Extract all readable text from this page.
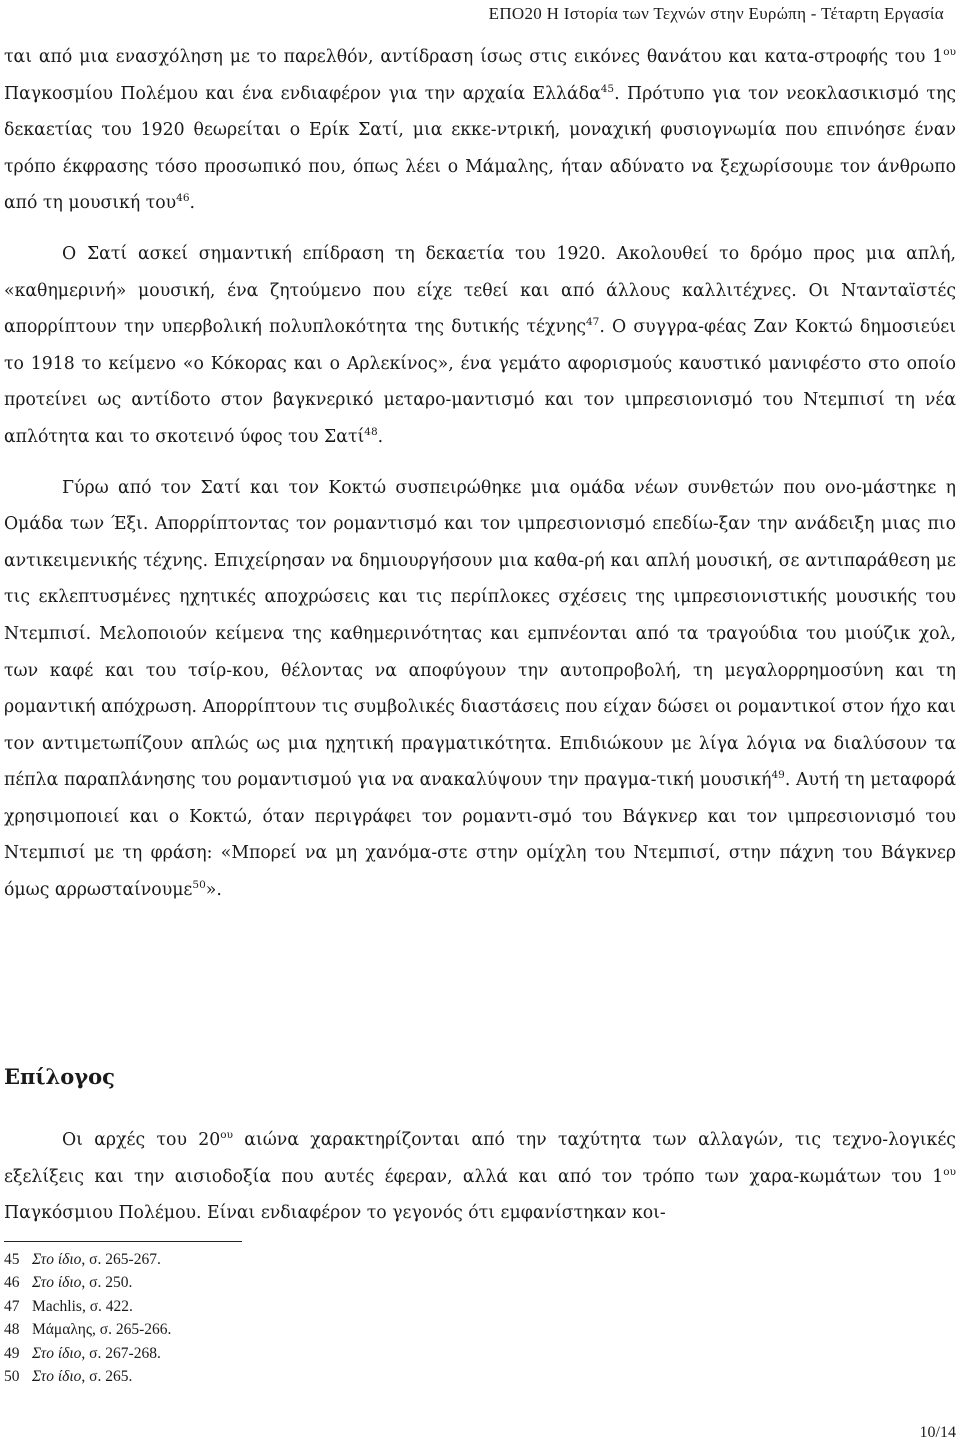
ΕΠΟ20 Η Ιστορία των Τεχνών στην Ευρώπη - Τέταρτη Εργασία

ται από μια ενασχόληση με το παρελθόν, αντίδραση ίσως στις εικόνες θανάτου και κατα-στροφής του $1^{o\upsilon}$ Παγκοσμίου Πολέμου και ένα ενδιαφέρον για την αρχαία Ελλάδα$^{45}$. Πρότυπο για τον νεοκλασικισμό της δεκαετίας του 1920 θεωρείται ο Ερίκ Σατί, μια εκκε-ντρική, μοναχική φυσιογνωμία που επινόησε έναν τρόπο έκφρασης τόσο προσωπικό που, όπως λέει ο Μάμαλης, ήταν αδύνατο να ξεχωρίσουμε τον άνθρωπο από τη μουσική του$^{46}$.

Ο Σατί ασκεί σημαντική επίδραση τη δεκαετία του 1920. Ακολουθεί το δρόμο προς μια απλή, «καθημερινή» μουσική, ένα ζητούμενο που είχε τεθεί και από άλλους καλλιτέχνες. Οι Ντανταϊστές απορρίπτουν την υπερβολική πολυπλοκότητα της δυτικής τέχνης$^{47}$. Ο συγγρα-φέας Ζαν Κοκτώ δημοσιεύει το 1918 το κείμενο «ο Κόκορας και ο Αρλεκίνος», ένα γεμάτο αφορισμούς καυστικό μανιφέστο στο οποίο προτείνει ως αντίδοτο στον βαγκνερικό μεταρο-μαντισμό και τον ιμπρεσιονισμό του Ντεμπισί τη νέα απλότητα και το σκοτεινό ύφος του Σατί$^{48}$.

Γύρω από τον Σατί και τον Κοκτώ συσπειρώθηκε μια ομάδα νέων συνθετών που ονο-μάστηκε η Ομάδα των Έξι. Απορρίπτοντας τον ρομαντισμό και τον ιμπρεσιονισμό επεδίω-ξαν την ανάδειξη μιας πιο αντικειμενικής τέχνης. Επιχείρησαν να δημιουργήσουν μια καθα-ρή και απλή μουσική, σε αντιπαράθεση με τις εκλεπτυσμένες ηχητικές αποχρώσεις και τις περίπλοκες σχέσεις της ιμπρεσιονιστικής μουσικής του Ντεμπισί. Μελοποιούν κείμενα της καθημερινότητας και εμπνέονται από τα τραγούδια του μιούζικ χολ, των καφέ και του τσίρ-κου, θέλοντας να αποφύγουν την αυτοπροβολή, τη μεγαλορρημοσύνη και τη ρομαντική απόχρωση. Απορρίπτουν τις συμβολικές διαστάσεις που είχαν δώσει οι ρομαντικοί στον ήχο και τον αντιμετωπίζουν απλώς ως μια ηχητική πραγματικότητα. Επιδιώκουν με λίγα λόγια να διαλύσουν τα πέπλα παραπλάνησης του ρομαντισμού για να ανακαλύψουν την πραγμα-τική μουσική$^{49}$. Αυτή τη μεταφορά χρησιμοποιεί και ο Κοκτώ, όταν περιγράφει τον ρομαντι-σμό του Βάγκνερ και τον ιμπρεσιονισμό του Ντεμπισί με τη φράση: «Μπορεί να μη χανόμα-στε στην ομίχλη του Ντεμπισί, στην πάχνη του Βάγκνερ όμως αρρωσταίνουμε$^{50}$».

Επίλογος

Οι αρχές του $20^{o\upsilon}$ αιώνα χαρακτηρίζονται από την ταχύτητα των αλλαγών, τις τεχνο-λογικές εξελίξεις και την αισιοδοξία που αυτές έφεραν, αλλά και από τον τρόπο των χαρα-κωμάτων του $1^{o\upsilon}$ Παγκόσμιου Πολέμου. Είναι ενδιαφέρον το γεγονός ότι εμφανίστηκαν κοι-

45 Στο ίδιο, σ. 265-267.
46 Στο ίδιο, σ. 250.
47 Machlis, σ. 422.
48 Μάμαλης, σ. 265-266.
49 Στο ίδιο, σ. 267-268.
50 Στο ίδιο, σ. 265.
10/14
